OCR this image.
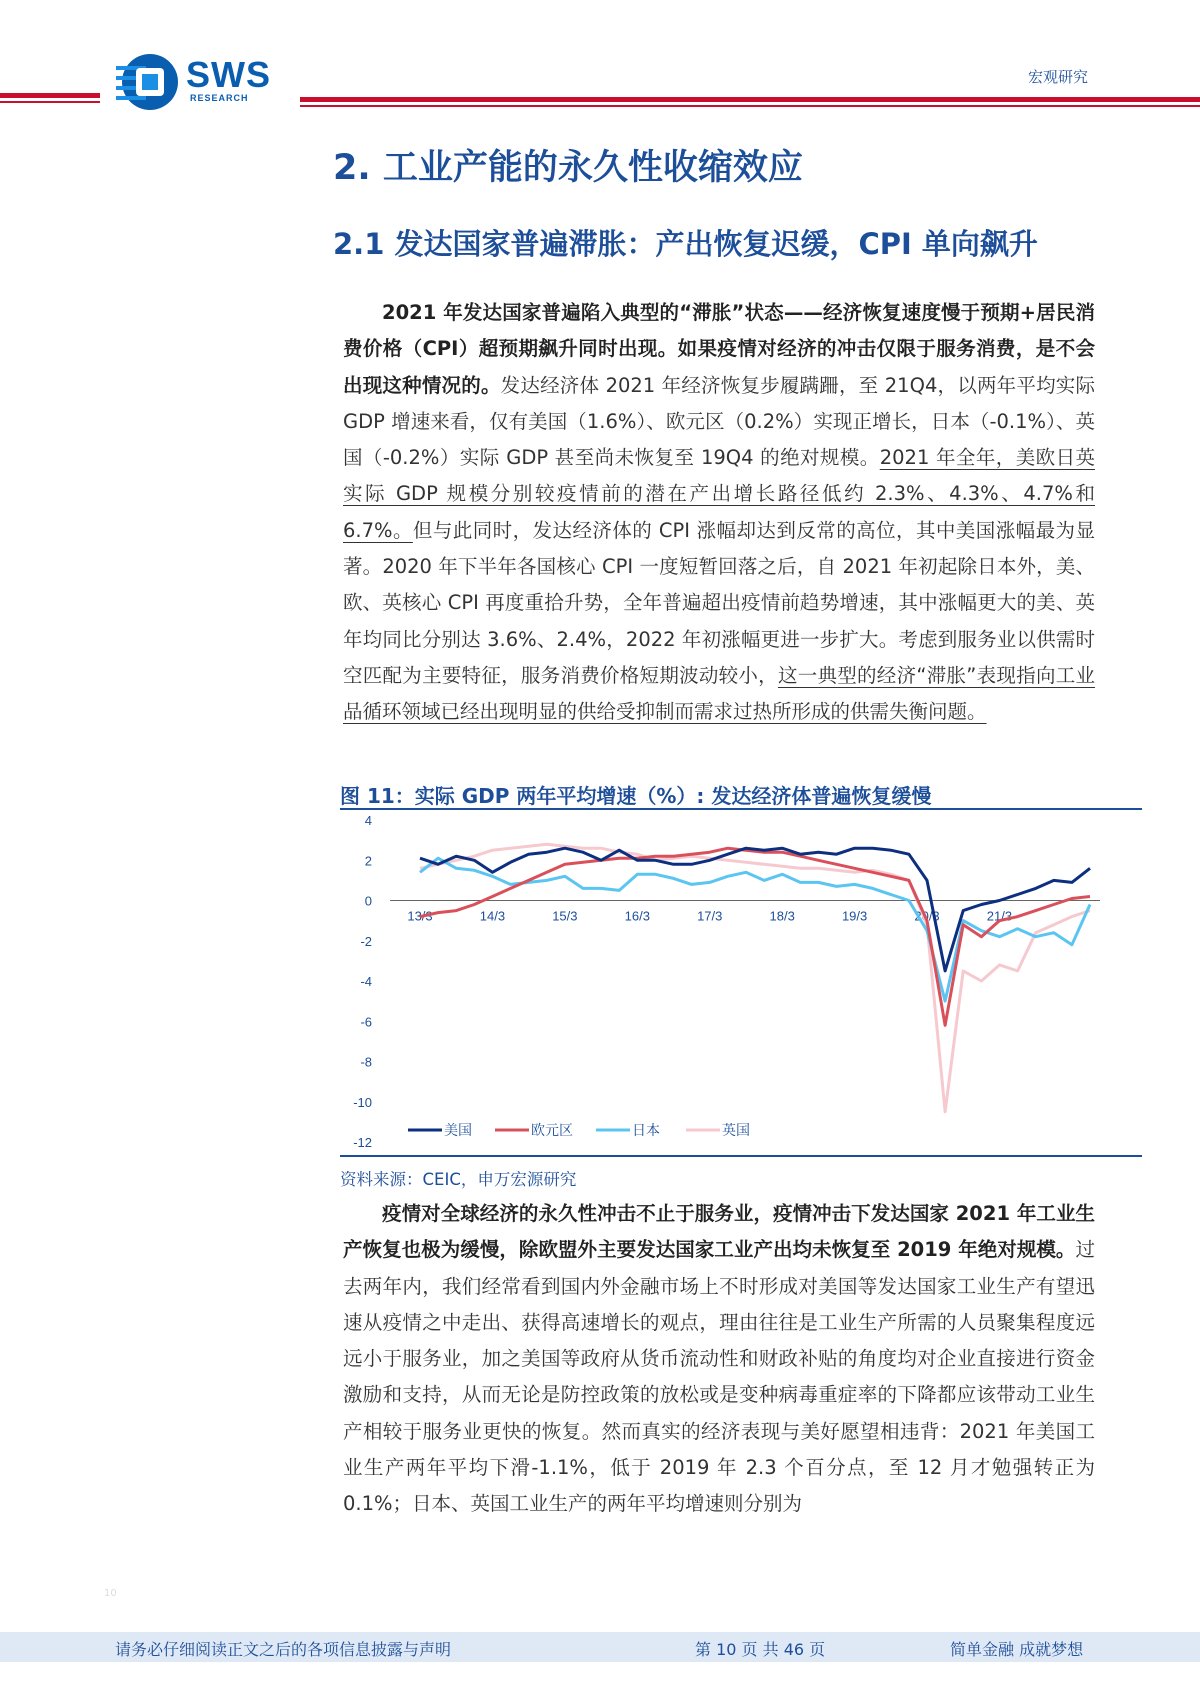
SWS
RESEARCH
宏观研究
2. 工业产能的永久性收缩效应
2.1 发达国家普遍滞胀：产出恢复迟缓，CPI 单向飙升
  2021 年发达国家普遍陷入典型的“滞胀”状态——经济恢复速度慢于预期+居民消费价格（CPI）超预期飙升同时出现。如果疫情对经济的冲击仅限于服务消费，是不会出现这种情况的。发达经济体 2021 年经济恢复步履蹒跚，至 21Q4，以两年平均实际 GDP 增速来看，仅有美国（1.6%）、欧元区（0.2%）实现正增长，日本（-0.1%）、英国（-0.2%）实际 GDP 甚至尚未恢复至 19Q4 的绝对规模。2021 年全年，美欧日英实际 GDP 规模分别较疫情前的潜在产出增长路径低约 2.3%、4.3%、4.7%和 6.7%。但与此同时，发达经济体的 CPI 涨幅却达到反常的高位，其中美国涨幅最为显著。2020 年下半年各国核心 CPI 一度短暂回落之后，自 2021 年初起除日本外，美、欧、英核心 CPI 再度重拾升势，全年普遍超出疫情前趋势增速，其中涨幅更大的美、英年均同比分别达 3.6%、2.4%，2022 年初涨幅更进一步扩大。考虑到服务业以供需时空匹配为主要特征，服务消费价格短期波动较小，这一典型的经济“滞胀”表现指向工业品循环领域已经出现明显的供给受抑制而需求过热所形成的供需失衡问题。
图 11：实际 GDP 两年平均增速（%）: 发达经济体普遍恢复缓慢
4
2
0
-2
-4
-6
-8
-10
-12
13/3	14/3	15/3	16/3	17/3	18/3	19/3	20/3	21/3
美国	欧元区	日本	英国
资料来源：CEIC，申万宏源研究
  疫情对全球经济的永久性冲击不止于服务业，疫情冲击下发达国家 2021 年工业生产恢复也极为缓慢，除欧盟外主要发达国家工业产出均未恢复至 2019 年绝对规模。过去两年内，我们经常看到国内外金融市场上不时形成对美国等发达国家工业生产有望迅速从疫情之中走出、获得高速增长的观点，理由往往是工业生产所需的人员聚集程度远远小于服务业，加之美国等政府从货币流动性和财政补贴的角度均对企业直接进行资金激励和支持，从而无论是防控政策的放松或是变种病毒重症率的下降都应该带动工业生产相较于服务业更快的恢复。然而真实的经济表现与美好愿望相违背：2021 年美国工业生产两年平均下滑-1.1%，低于 2019 年 2.3 个百分点，至 12 月才勉强转正为 0.1%；日本、英国工业生产的两年平均增速则分别为
10
请务必仔细阅读正文之后的各项信息披露与声明	第 10 页 共 46 页	简单金融 成就梦想
